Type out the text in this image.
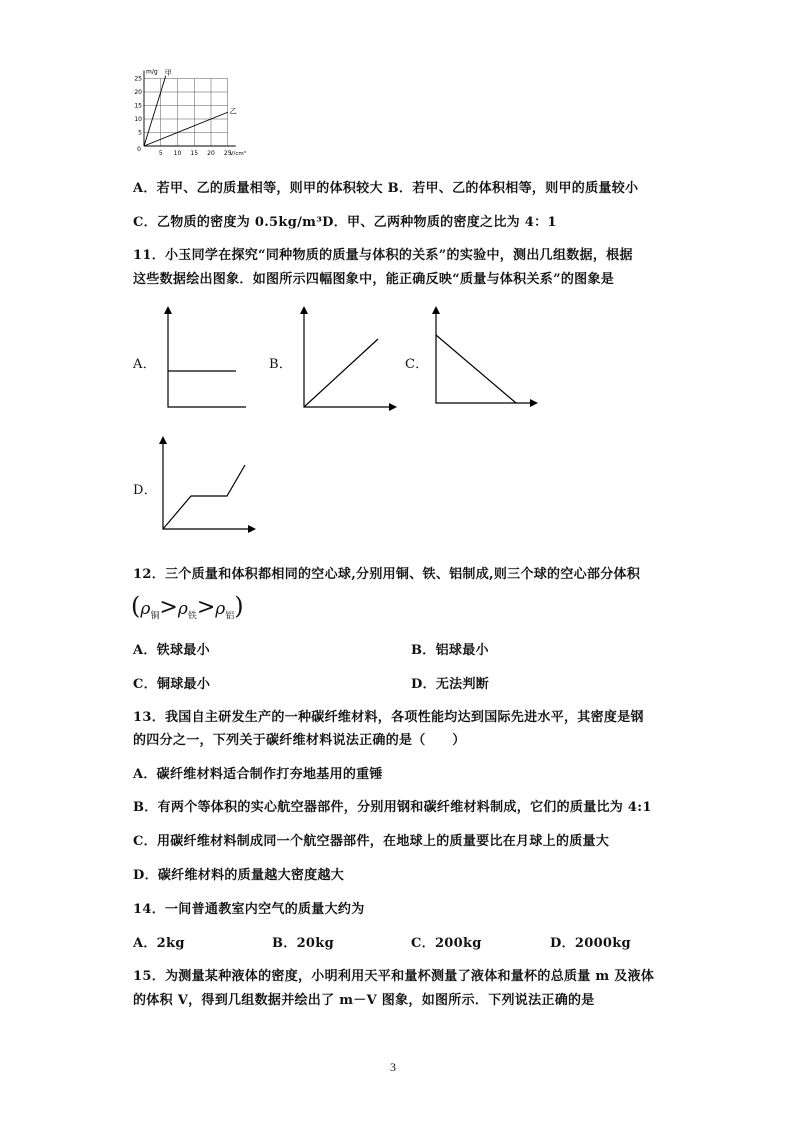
5 10 15 20 25
5
10
15
20
25
0
m/g
V/cm³
甲
乙
A．若甲、乙的质量相等，则甲的体积较大 B．若甲、乙的体积相等，则甲的质量较小
C．乙物质的密度为 0.5kg/m³D．甲、乙两种物质的密度之比为 4：1
11．小玉同学在探究“同种物质的质量与体积的关系”的实验中，测出几组数据，根据
这些数据绘出图象．如图所示四幅图象中，能正确反映“质量与体积关系”的图象是
A．	B．	C．
D．
12．三个质量和体积都相同的空心球,分别用铜、铁、铝制成,则三个球的空心部分体积
$(\rho_铜>\rho_铁>\rho_铝)$
A．铁球最小	B．铝球最小
C．铜球最小	D．无法判断
13．我国自主研发生产的一种碳纤维材料，各项性能均达到国际先进水平，其密度是钢
的四分之一，下列关于碳纤维材料说法正确的是（　　）
A．碳纤维材料适合制作打夯地基用的重锤
B．有两个等体积的实心航空器部件，分别用钢和碳纤维材料制成，它们的质量比为 4:1
C．用碳纤维材料制成同一个航空器部件，在地球上的质量要比在月球上的质量大
D．碳纤维材料的质量越大密度越大
14．一间普通教室内空气的质量大约为
A．2kg	B．20kg	C．200kg	D．2000kg
15．为测量某种液体的密度，小明利用天平和量杯测量了液体和量杯的总质量 m 及液体
的体积 V，得到几组数据并绘出了 m－V 图象，如图所示．下列说法正确的是
3
